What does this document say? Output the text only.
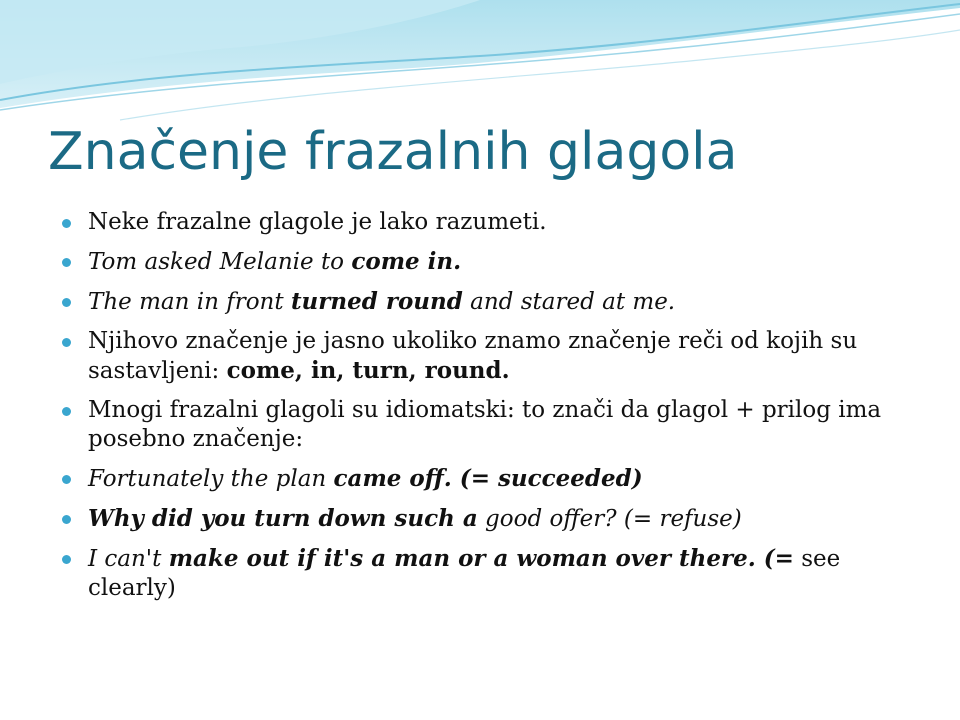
Značenje frazalnih glagola
Neke frazalne glagole je lako razumeti.
Tom asked Melanie to come in.
The man in front turned round and stared at me.
Njihovo značenje je jasno ukoliko znamo značenje reči od kojih su sastavljeni: come, in, turn, round.
Mnogi frazalni glagoli su idiomatski: to znači da glagol + prilog ima posebno značenje:
Fortunately the plan came off. (= succeeded)
Why did you turn down such a good offer? (= refuse)
I can't make out if it's a man or a woman over there. (= see clearly)
